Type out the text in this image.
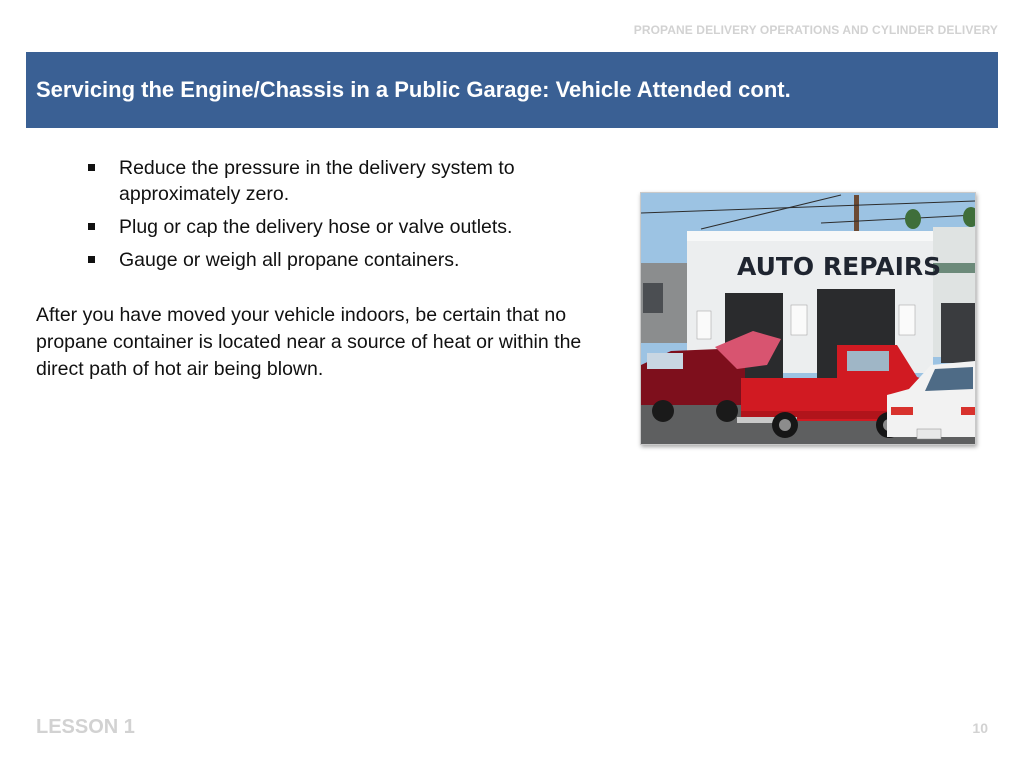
PROPANE DELIVERY OPERATIONS AND CYLINDER DELIVERY
Servicing the Engine/Chassis in a Public Garage: Vehicle Attended cont.
Reduce the pressure in the delivery system to approximately zero.
Plug or cap the delivery hose or valve outlets.
Gauge or weigh all propane containers.

After you have moved your vehicle indoors, be certain that no propane container is located near a source of heat or within the direct path of hot air being blown.

AUTO REPAIRS
LESSON 1	10
